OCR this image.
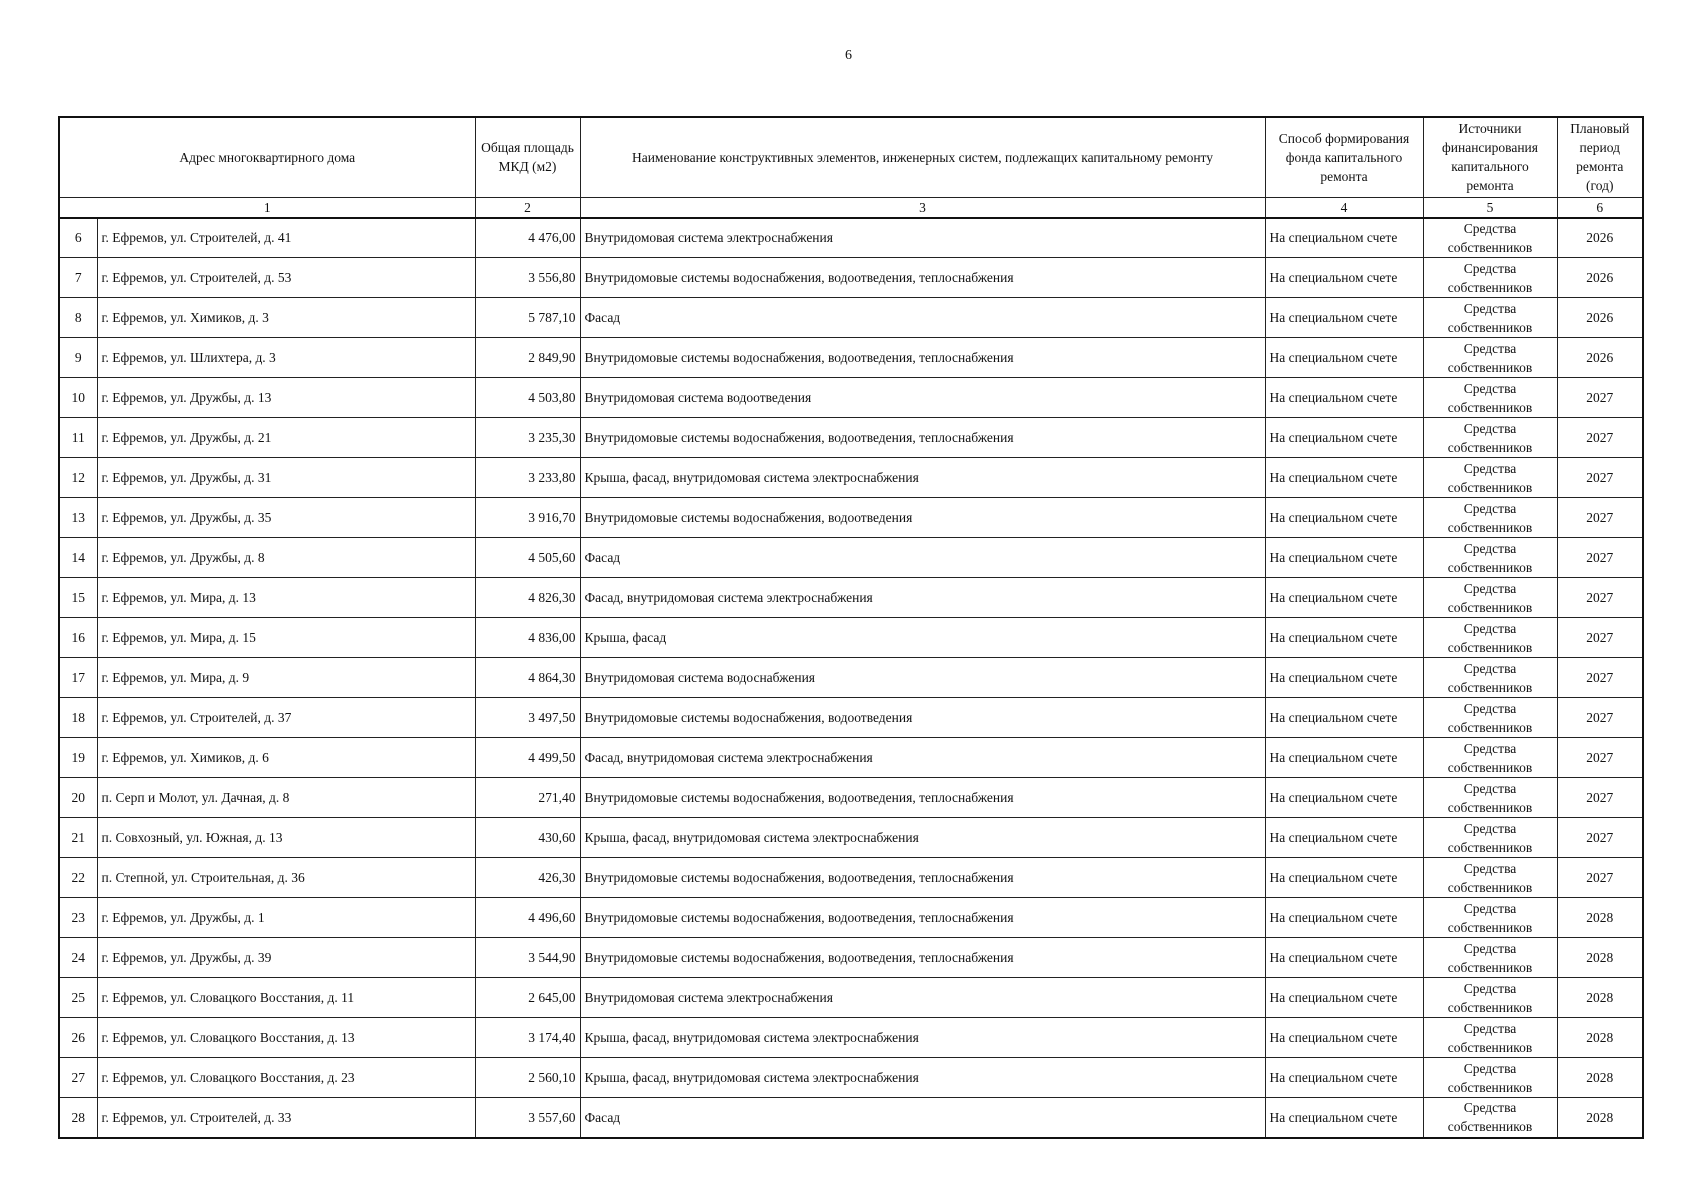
6
Адрес многоквартирного дома		Общая площадь МКД (м2)	Наименование конструктивных элементов, инженерных систем, подлежащих капитальному ремонту	Способ формирования фонда капитального ремонта	Источники финансирования капитального ремонта	Плановый период ремонта (год)
1		2	3	4	5	6
6	г. Ефремов, ул. Строителей, д. 41	4 476,00	Внутридомовая система электроснабжения	На специальном счете	Средства собственников	2026
7	г. Ефремов, ул. Строителей, д. 53	3 556,80	Внутридомовые системы водоснабжения, водоотведения, теплоснабжения	На специальном счете	Средства собственников	2026
8	г. Ефремов, ул. Химиков, д. 3	5 787,10	Фасад	На специальном счете	Средства собственников	2026
9	г. Ефремов, ул. Шлихтера, д. 3	2 849,90	Внутридомовые системы водоснабжения, водоотведения, теплоснабжения	На специальном счете	Средства собственников	2026
10	г. Ефремов, ул. Дружбы, д. 13	4 503,80	Внутридомовая система водоотведения	На специальном счете	Средства собственников	2027
11	г. Ефремов, ул. Дружбы, д. 21	3 235,30	Внутридомовые системы водоснабжения, водоотведения, теплоснабжения	На специальном счете	Средства собственников	2027
12	г. Ефремов, ул. Дружбы, д. 31	3 233,80	Крыша, фасад, внутридомовая система электроснабжения	На специальном счете	Средства собственников	2027
13	г. Ефремов, ул. Дружбы, д. 35	3 916,70	Внутридомовые системы водоснабжения, водоотведения	На специальном счете	Средства собственников	2027
14	г. Ефремов, ул. Дружбы, д. 8	4 505,60	Фасад	На специальном счете	Средства собственников	2027
15	г. Ефремов, ул. Мира, д. 13	4 826,30	Фасад, внутридомовая система электроснабжения	На специальном счете	Средства собственников	2027
16	г. Ефремов, ул. Мира, д. 15	4 836,00	Крыша, фасад	На специальном счете	Средства собственников	2027
17	г. Ефремов, ул. Мира, д. 9	4 864,30	Внутридомовая система водоснабжения	На специальном счете	Средства собственников	2027
18	г. Ефремов, ул. Строителей, д. 37	3 497,50	Внутридомовые системы водоснабжения, водоотведения	На специальном счете	Средства собственников	2027
19	г. Ефремов, ул. Химиков, д. 6	4 499,50	Фасад, внутридомовая система электроснабжения	На специальном счете	Средства собственников	2027
20	п. Серп и Молот, ул. Дачная, д. 8	271,40	Внутридомовые системы водоснабжения, водоотведения, теплоснабжения	На специальном счете	Средства собственников	2027
21	п. Совхозный, ул. Южная, д. 13	430,60	Крыша, фасад, внутридомовая система электроснабжения	На специальном счете	Средства собственников	2027
22	п. Степной, ул. Строительная, д. 36	426,30	Внутридомовые системы водоснабжения, водоотведения, теплоснабжения	На специальном счете	Средства собственников	2027
23	г. Ефремов, ул. Дружбы, д. 1	4 496,60	Внутридомовые системы водоснабжения, водоотведения, теплоснабжения	На специальном счете	Средства собственников	2028
24	г. Ефремов, ул. Дружбы, д. 39	3 544,90	Внутридомовые системы водоснабжения, водоотведения, теплоснабжения	На специальном счете	Средства собственников	2028
25	г. Ефремов, ул. Словацкого Восстания, д. 11	2 645,00	Внутридомовая система электроснабжения	На специальном счете	Средства собственников	2028
26	г. Ефремов, ул. Словацкого Восстания, д. 13	3 174,40	Крыша, фасад, внутридомовая система электроснабжения	На специальном счете	Средства собственников	2028
27	г. Ефремов, ул. Словацкого Восстания, д. 23	2 560,10	Крыша, фасад, внутридомовая система электроснабжения	На специальном счете	Средства собственников	2028
28	г. Ефремов, ул. Строителей, д. 33	3 557,60	Фасад	На специальном счете	Средства собственников	2028
